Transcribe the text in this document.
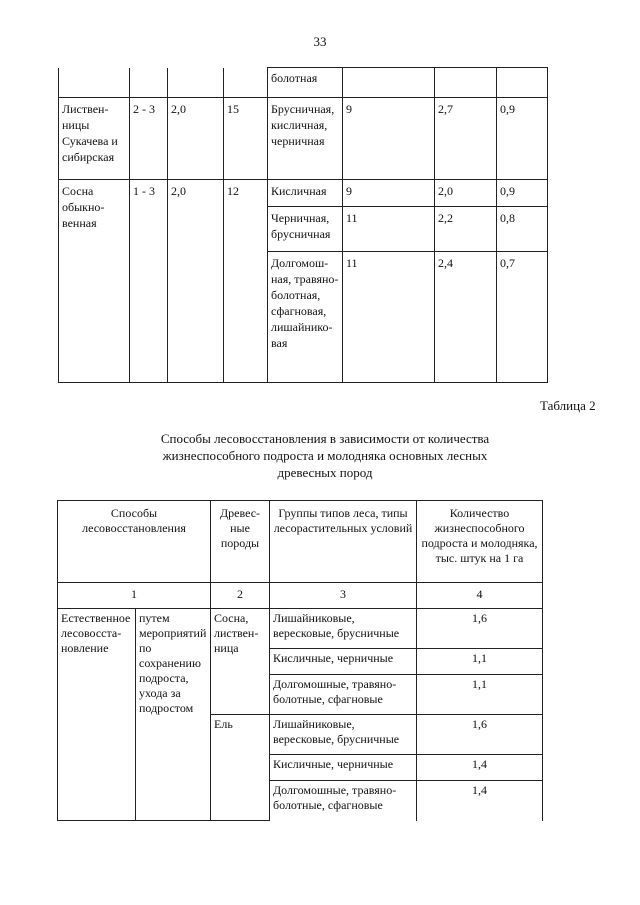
33
				болотная			
Листвен-ницы Сукачева и сибирская	2 - 3	2,0	15	Брусничная, кисличная, черничная	9	2,7	0,9
Сосна обыкно-венная	1 - 3	2,0	12	Кисличная	9	2,0	0,9
				Черничная, брусничная	11	2,2	0,8
				Долгомош-ная, травяно-болотная, сфагновая, лишайнико-вая	11	2,4	0,7
Таблица 2
Способы лесовосстановления в зависимости от количества жизнеспособного подроста и молодняка основных лесных древесных пород
Способы лесовосстановления		Древес-ные породы	Группы типов леса, типы лесорастительных условий	Количество жизнеспособного подроста и молодняка, тыс. штук на 1 га
1		2	3	4
Естественное лесовосста-новление	путем мероприятий по сохранению подроста, ухода за подростом	Сосна, листвен-ница	Лишайниковые, вересковые, брусничные	1,6
			Кисличные, черничные	1,1
			Долгомошные, травяно-болотные, сфагновые	1,1
		Ель	Лишайниковые, вересковые, брусничные	1,6
			Кисличные, черничные	1,4
			Долгомошные, травяно-болотные, сфагновые	1,4
